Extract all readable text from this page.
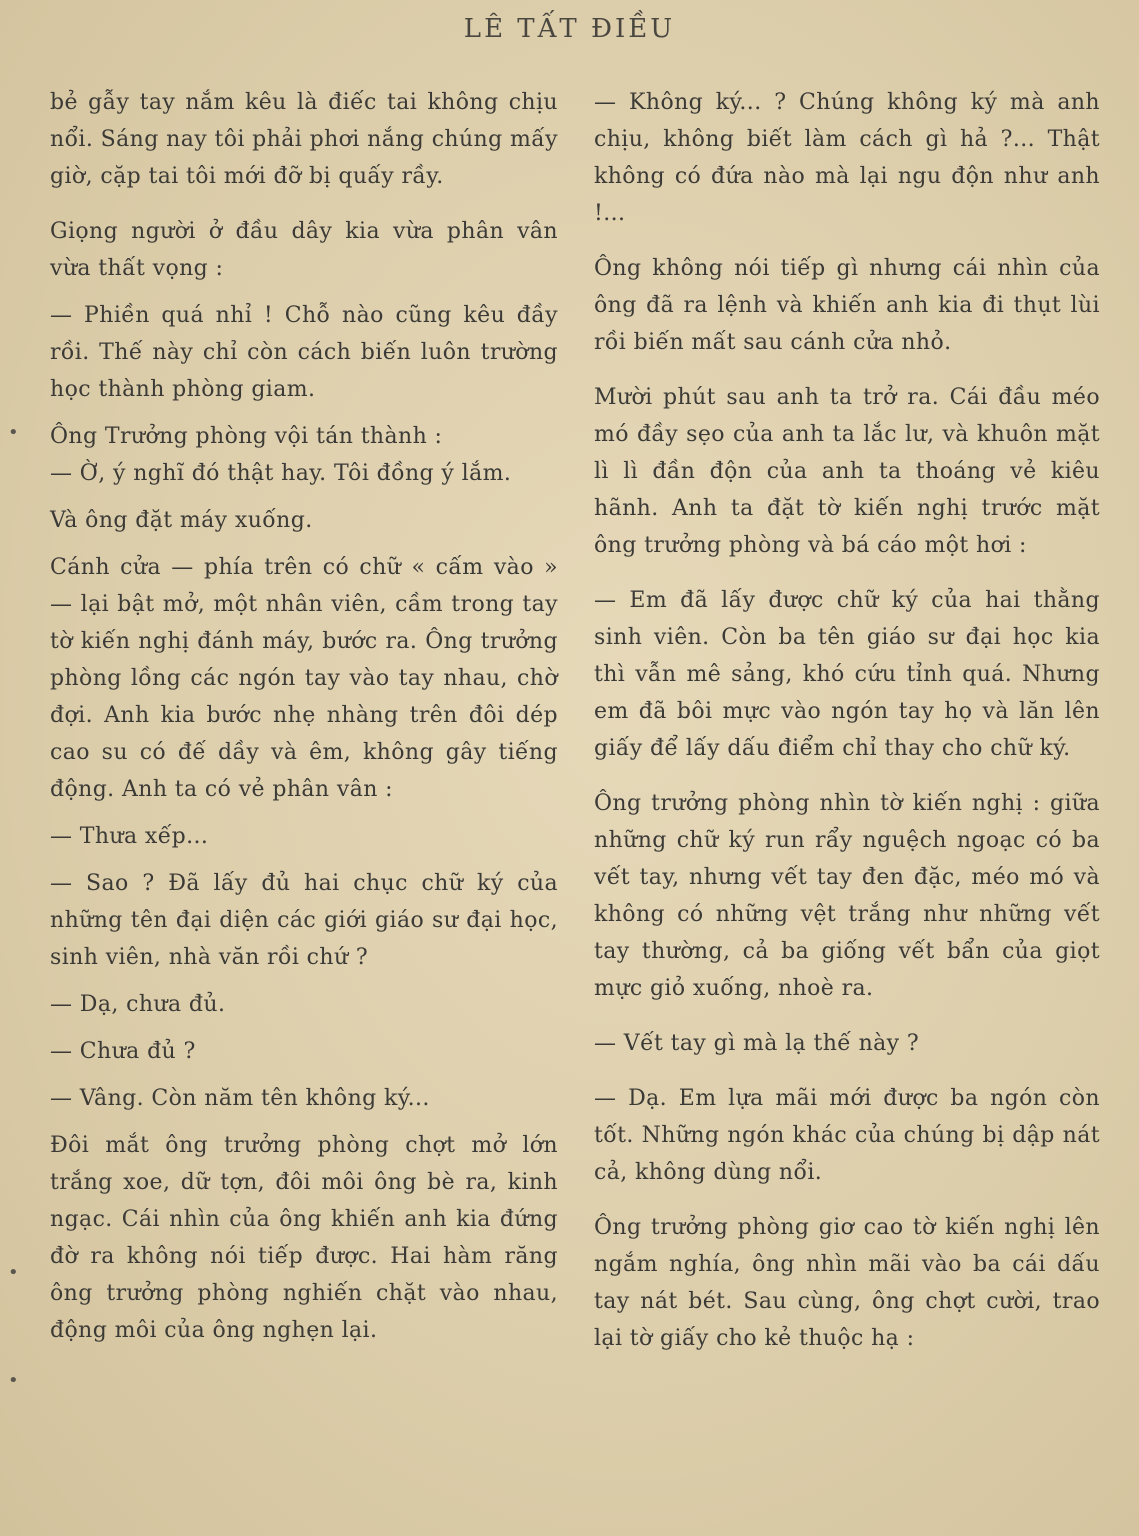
LÊ TẤT ĐIỀU
•
•
•

bẻ gẫy tay nắm kêu là điếc tai không chịu nổi. Sáng nay tôi phải phơi nắng chúng mấy giờ, cặp tai tôi mới đỡ bị quấy rầy.

Giọng người ở đầu dây kia vừa phân vân vừa thất vọng :

— Phiền quá nhỉ ! Chỗ nào cũng kêu đầy rồi. Thế này chỉ còn cách biến luôn trường học thành phòng giam.

Ông Trưởng phòng vội tán thành :

— Ờ, ý nghĩ đó thật hay. Tôi đồng ý lắm.

Và ông đặt máy xuống.

Cánh cửa — phía trên có chữ « cấm vào » — lại bật mở, một nhân viên, cầm trong tay tờ kiến nghị đánh máy, bước ra. Ông trưởng phòng lồng các ngón tay vào tay nhau, chờ đợi. Anh kia bước nhẹ nhàng trên đôi dép cao su có đế dầy và êm, không gây tiếng động. Anh ta có vẻ phân vân :

— Thưa xếp...

— Sao ? Đã lấy đủ hai chục chữ ký của những tên đại diện các giới giáo sư đại học, sinh viên, nhà văn rồi chứ ?

— Dạ, chưa đủ.

— Chưa đủ ?

— Vâng. Còn năm tên không ký...

Đôi mắt ông trưởng phòng chợt mở lớn trắng xoe, dữ tợn, đôi môi ông bè ra, kinh ngạc. Cái nhìn của ông khiến anh kia đứng đờ ra không nói tiếp được. Hai hàm răng ông trưởng phòng nghiến chặt vào nhau, động môi của ông nghẹn lại.

— Không ký... ? Chúng không ký mà anh chịu, không biết làm cách gì hả ?... Thật không có đứa nào mà lại ngu độn như anh !...

Ông không nói tiếp gì nhưng cái nhìn của ông đã ra lệnh và khiến anh kia đi thụt lùi rồi biến mất sau cánh cửa nhỏ.

Mười phút sau anh ta trở ra. Cái đầu méo mó đầy sẹo của anh ta lắc lư, và khuôn mặt lì lì đần độn của anh ta thoáng vẻ kiêu hãnh. Anh ta đặt tờ kiến nghị trước mặt ông trưởng phòng và bá cáo một hơi :

— Em đã lấy được chữ ký của hai thằng sinh viên. Còn ba tên giáo sư đại học kia thì vẫn mê sảng, khó cứu tỉnh quá. Nhưng em đã bôi mực vào ngón tay họ và lăn lên giấy để lấy dấu điểm chỉ thay cho chữ ký.

Ông trưởng phòng nhìn tờ kiến nghị : giữa những chữ ký run rẩy nguệch ngoạc có ba vết tay, nhưng vết tay đen đặc, méo mó và không có những vệt trắng như những vết tay thường, cả ba giống vết bẩn của giọt mực giỏ xuống, nhoè ra.

— Vết tay gì mà lạ thế này ?

— Dạ. Em lựa mãi mới được ba ngón còn tốt. Những ngón khác của chúng bị dập nát cả, không dùng nổi.

Ông trưởng phòng giơ cao tờ kiến nghị lên ngắm nghía, ông nhìn mãi vào ba cái dấu tay nát bét. Sau cùng, ông chợt cười, trao lại tờ giấy cho kẻ thuộc hạ :
